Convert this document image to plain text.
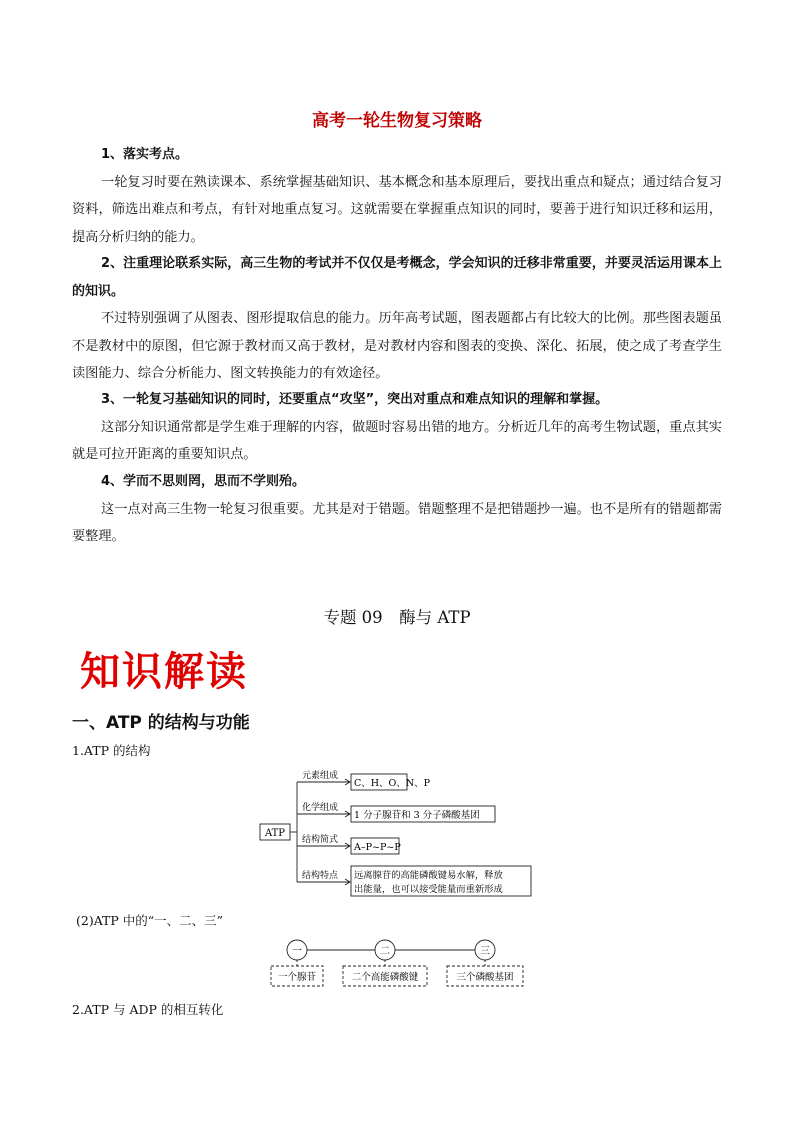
高考一轮生物复习策略
1、落实考点。
一轮复习时要在熟读课本、系统掌握基础知识、基本概念和基本原理后，要找出重点和疑点；通过结合复习资料，筛选出难点和考点，有针对地重点复习。这就需要在掌握重点知识的同时，要善于进行知识迁移和运用，提高分析归纳的能力。
2、注重理论联系实际，高三生物的考试并不仅仅是考概念，学会知识的迁移非常重要，并要灵活运用课本上的知识。
不过特别强调了从图表、图形提取信息的能力。历年高考试题，图表题都占有比较大的比例。那些图表题虽不是教材中的原图，但它源于教材而又高于教材，是对教材内容和图表的变换、深化、拓展，使之成了考查学生读图能力、综合分析能力、图文转换能力的有效途径。
3、一轮复习基础知识的同时，还要重点“攻坚”，突出对重点和难点知识的理解和掌握。
这部分知识通常都是学生难于理解的内容，做题时容易出错的地方。分析近几年的高考生物试题，重点其实就是可拉开距离的重要知识点。
4、学而不思则罔，思而不学则殆。
这一点对高三生物一轮复习很重要。尤其是对于错题。错题整理不是把错题抄一遍。也不是所有的错题都需要整理。
专题 09　酶与 ATP
知识解读
一、ATP 的结构与功能
1.ATP 的结构
ATP
元素组成
化学组成
结构简式
结构特点
C、H、O、N、P
1 分子腺苷和 3 分子磷酸基团
A–P~P~P
远离腺苷的高能磷酸键易水解，释放
出能量，也可以接受能量而重新形成
(2)ATP 中的“一、二、三”
一	二	三
一个腺苷	二个高能磷酸键	三个磷酸基团
2.ATP 与 ADP 的相互转化
